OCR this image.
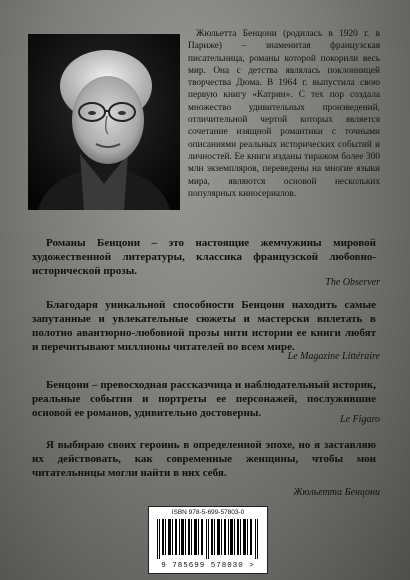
Жюльетта Бенцони (родилась в 1920 г. в Париже) – знаменитая французская писательница, романы которой покорили весь мир. Она с детства являлась поклонницей творчества Дюма. В 1964 г. выпустила свою первую книгу «Катрин». С тех пор создала множество удивительных произведений, отличительной чертой которых является сочетание изящной романтики с точными описаниями реальных исторических событий и личностей. Ее книги изданы тиражом более 300 млн экземпляров, переведены на многие языки мира, являются основой нескольких популярных киносериалов.

Романы Бенцони – это настоящие жемчужины мировой художественной литературы, классика французской любовно-исторической прозы.

The Observer

Благодаря уникальной способности Бенцони находить самые запутанные и увлекательные сюжеты и мастерски вплетать в полотно авантюрно-любовной прозы нити истории ее книги любят и перечитывают миллионы читателей во всем мире.

Le Magazine Littéraire

Бенцони – превосходная рассказчица и наблюдательный историк, реальные события и портреты ее персонажей, послужившие основой ее романов, удивительно достоверны.

Le Figaro

Я выбираю своих героинь в определенной эпохе, но я заставляю их действовать, как современные женщины, чтобы мои читательницы могли найти в них себя.

Жюльетта Бенцони

ISBN 978-5-699-57803-0
9 785699 578030 >
